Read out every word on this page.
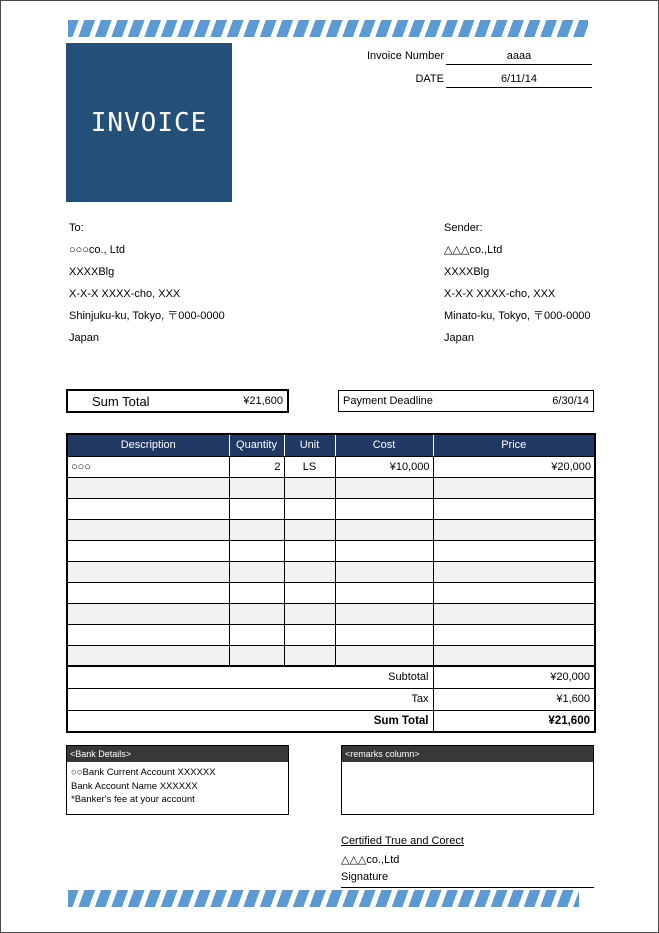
INVOICE
Invoice Number	aaaa
DATE	6/11/14
To:
○○○co., Ltd
XXXXBlg
X-X-X XXXX-cho, XXX
Shinjuku-ku, Tokyo, 〒000-0000
Japan
Sender:
△△△co.,Ltd
XXXXBlg
X-X-X XXXX-cho, XXX
Minato-ku, Tokyo, 〒000-0000
Japan
Sum Total	¥21,600	Payment Deadline	6/30/14
Description	Quantity	Unit	Cost	Price
○○○	2	LS	¥10,000	¥20,000

Subtotal				¥20,000
Tax				¥1,600
Sum Total				¥21,600
<Bank Details>
○○Bank Current Account XXXXXX
Bank Account Name XXXXXX
*Banker's fee at your account
<remarks column>
Certified True and Corect
△△△co.,Ltd
Signature
